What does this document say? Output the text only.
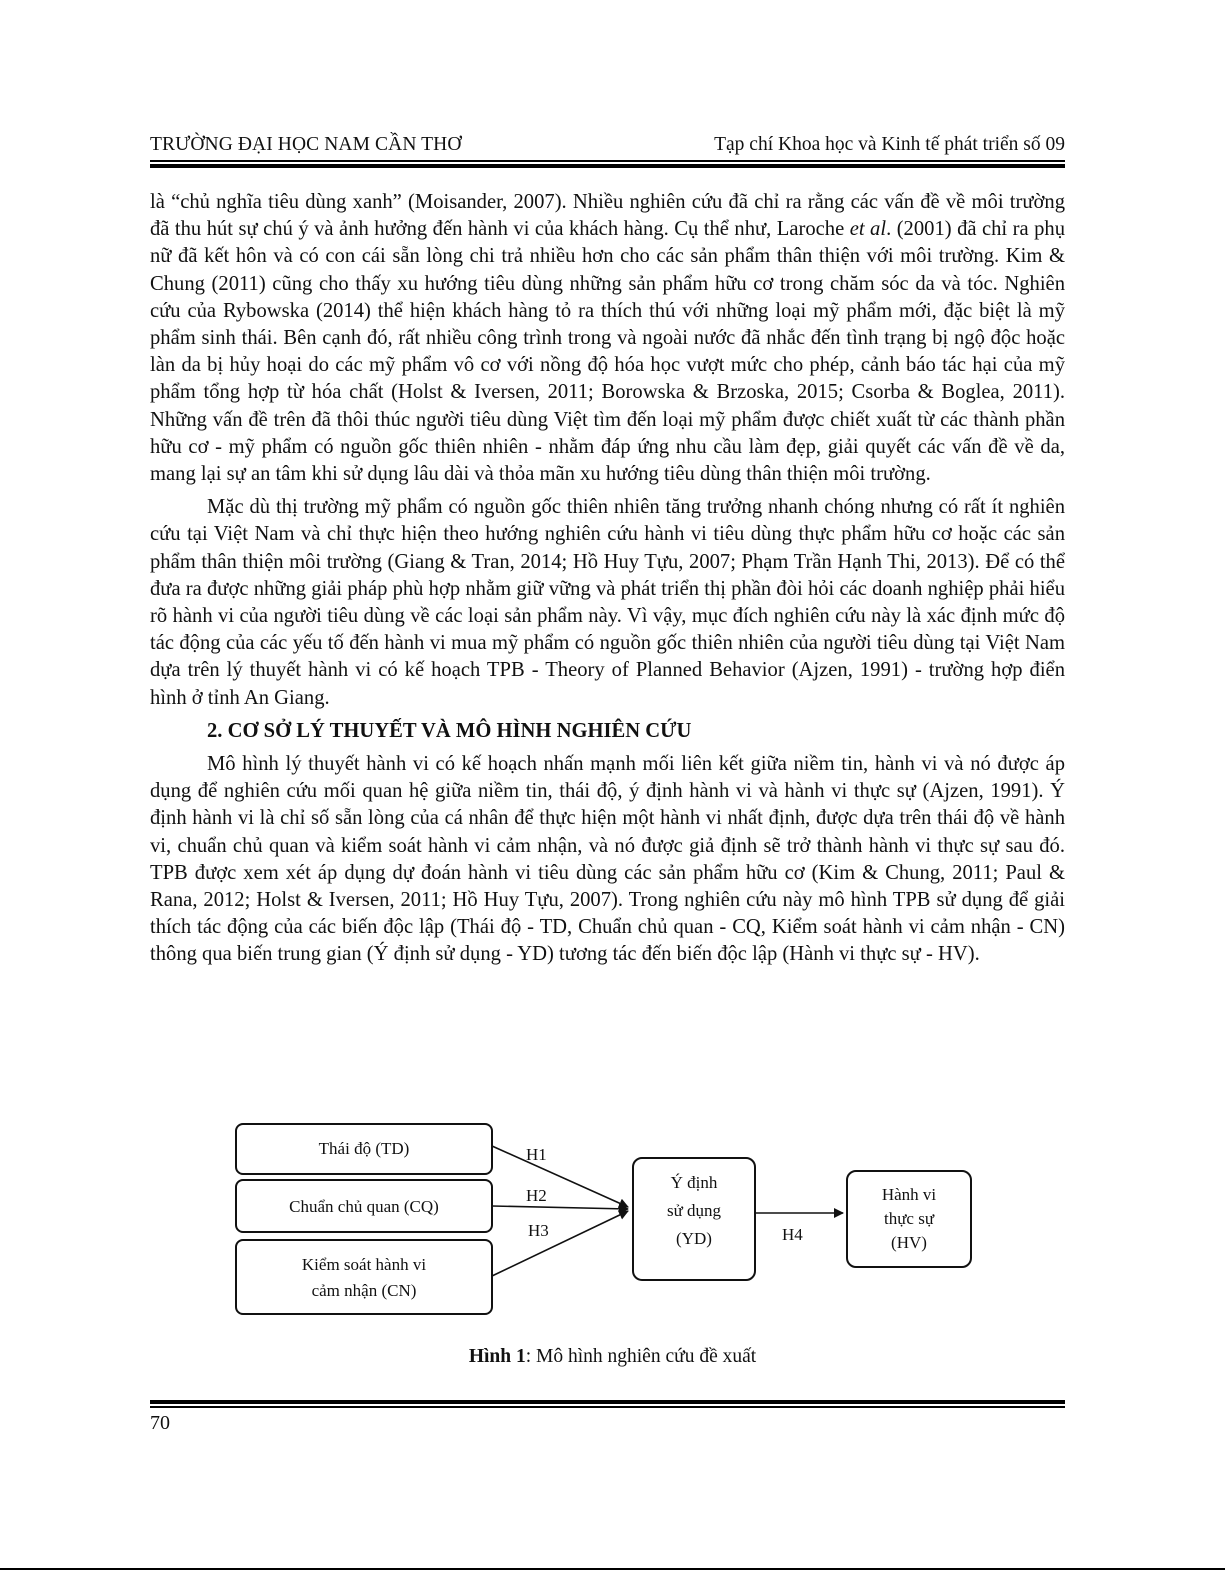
TRƯỜNG ĐẠI HỌC NAM CẦN THƠ	Tạp chí Khoa học và Kinh tế phát triển số 09

là “chủ nghĩa tiêu dùng xanh” (Moisander, 2007). Nhiều nghiên cứu đã chỉ ra rằng các vấn đề về môi trường đã thu hút sự chú ý và ảnh hưởng đến hành vi của khách hàng. Cụ thể như, Laroche et al. (2001) đã chỉ ra phụ nữ đã kết hôn và có con cái sẵn lòng chi trả nhiều hơn cho các sản phẩm thân thiện với môi trường. Kim & Chung (2011) cũng cho thấy xu hướng tiêu dùng những sản phẩm hữu cơ trong chăm sóc da và tóc. Nghiên cứu của Rybowska (2014) thể hiện khách hàng tỏ ra thích thú với những loại mỹ phẩm mới, đặc biệt là mỹ phẩm sinh thái. Bên cạnh đó, rất nhiều công trình trong và ngoài nước đã nhắc đến tình trạng bị ngộ độc hoặc làn da bị hủy hoại do các mỹ phẩm vô cơ với nồng độ hóa học vượt mức cho phép, cảnh báo tác hại của mỹ phẩm tổng hợp từ hóa chất (Holst & Iversen, 2011; Borowska & Brzoska, 2015; Csorba & Boglea, 2011). Những vấn đề trên đã thôi thúc người tiêu dùng Việt tìm đến loại mỹ phẩm được chiết xuất từ các thành phần hữu cơ - mỹ phẩm có nguồn gốc thiên nhiên - nhằm đáp ứng nhu cầu làm đẹp, giải quyết các vấn đề về da, mang lại sự an tâm khi sử dụng lâu dài và thỏa mãn xu hướng tiêu dùng thân thiện môi trường.

Mặc dù thị trường mỹ phẩm có nguồn gốc thiên nhiên tăng trưởng nhanh chóng nhưng có rất ít nghiên cứu tại Việt Nam và chỉ thực hiện theo hướng nghiên cứu hành vi tiêu dùng thực phẩm hữu cơ hoặc các sản phẩm thân thiện môi trường (Giang & Tran, 2014; Hồ Huy Tựu, 2007; Phạm Trần Hạnh Thi, 2013). Để có thể đưa ra được những giải pháp phù hợp nhằm giữ vững và phát triển thị phần đòi hỏi các doanh nghiệp phải hiểu rõ hành vi của người tiêu dùng về các loại sản phẩm này. Vì vậy, mục đích nghiên cứu này là xác định mức độ tác động của các yếu tố đến hành vi mua mỹ phẩm có nguồn gốc thiên nhiên của người tiêu dùng tại Việt Nam dựa trên lý thuyết hành vi có kế hoạch TPB - Theory of Planned Behavior (Ajzen, 1991) - trường hợp điển hình ở tỉnh An Giang.

2. CƠ SỞ LÝ THUYẾT VÀ MÔ HÌNH NGHIÊN CỨU

Mô hình lý thuyết hành vi có kế hoạch nhấn mạnh mối liên kết giữa niềm tin, hành vi và nó được áp dụng để nghiên cứu mối quan hệ giữa niềm tin, thái độ, ý định hành vi và hành vi thực sự (Ajzen, 1991). Ý định hành vi là chỉ số sẵn lòng của cá nhân để thực hiện một hành vi nhất định, được dựa trên thái độ về hành vi, chuẩn chủ quan và kiểm soát hành vi cảm nhận, và nó được giả định sẽ trở thành hành vi thực sự sau đó. TPB được xem xét áp dụng dự đoán hành vi tiêu dùng các sản phẩm hữu cơ (Kim & Chung, 2011; Paul & Rana, 2012; Holst & Iversen, 2011; Hồ Huy Tựu, 2007). Trong nghiên cứu này mô hình TPB sử dụng để giải thích tác động của các biến độc lập (Thái độ - TD, Chuẩn chủ quan - CQ, Kiểm soát hành vi cảm nhận - CN) thông qua biến trung gian (Ý định sử dụng - YD) tương tác đến biến độc lập (Hành vi thực sự - HV).

Thái độ (TD)
Chuẩn chủ quan (CQ)
Kiểm soát hành vi
cảm nhận (CN)
Ý định
sử dụng
(YD)
Hành vi
thực sự
(HV)
H1
H2
H3	H4
Hình 1: Mô hình nghiên cứu đề xuất
70
